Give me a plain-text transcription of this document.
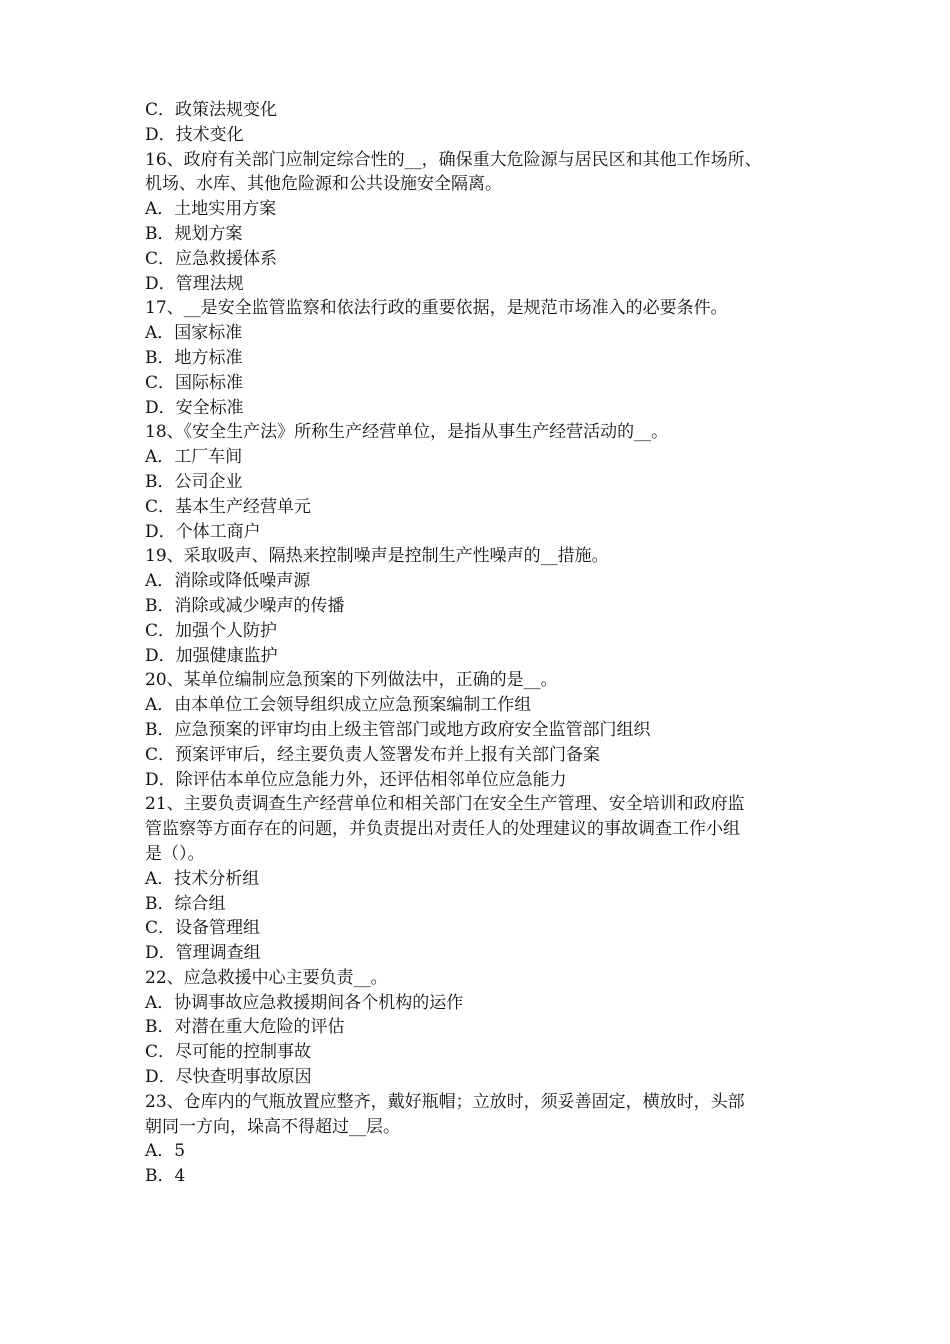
C．政策法规变化
D．技术变化
16、政府有关部门应制定综合性的__，确保重大危险源与居民区和其他工作场所、
机场、水库、其他危险源和公共设施安全隔离。
A．土地实用方案
B．规划方案
C．应急救援体系
D．管理法规
17、__是安全监管监察和依法行政的重要依据，是规范市场准入的必要条件。
A．国家标准
B．地方标准
C．国际标准
D．安全标准
18、《安全生产法》所称生产经营单位，是指从事生产经营活动的__。
A．工厂车间
B．公司企业
C．基本生产经营单元
D．个体工商户
19、采取吸声、隔热来控制噪声是控制生产性噪声的__措施。
A．消除或降低噪声源
B．消除或减少噪声的传播
C．加强个人防护
D．加强健康监护
20、某单位编制应急预案的下列做法中，正确的是__。
A．由本单位工会领导组织成立应急预案编制工作组
B．应急预案的评审均由上级主管部门或地方政府安全监管部门组织
C．预案评审后，经主要负责人签署发布并上报有关部门备案
D．除评估本单位应急能力外，还评估相邻单位应急能力
21、主要负责调查生产经营单位和相关部门在安全生产管理、安全培训和政府监
管监察等方面存在的问题，并负责提出对责任人的处理建议的事故调查工作小组
是（）。
A．技术分析组
B．综合组
C．设备管理组
D．管理调查组
22、应急救援中心主要负责__。
A．协调事故应急救援期间各个机构的运作
B．对潜在重大危险的评估
C．尽可能的控制事故
D．尽快查明事故原因
23、仓库内的气瓶放置应整齐，戴好瓶帽；立放时，须妥善固定，横放时，头部
朝同一方向，垛高不得超过__层。
A．5
B．4
